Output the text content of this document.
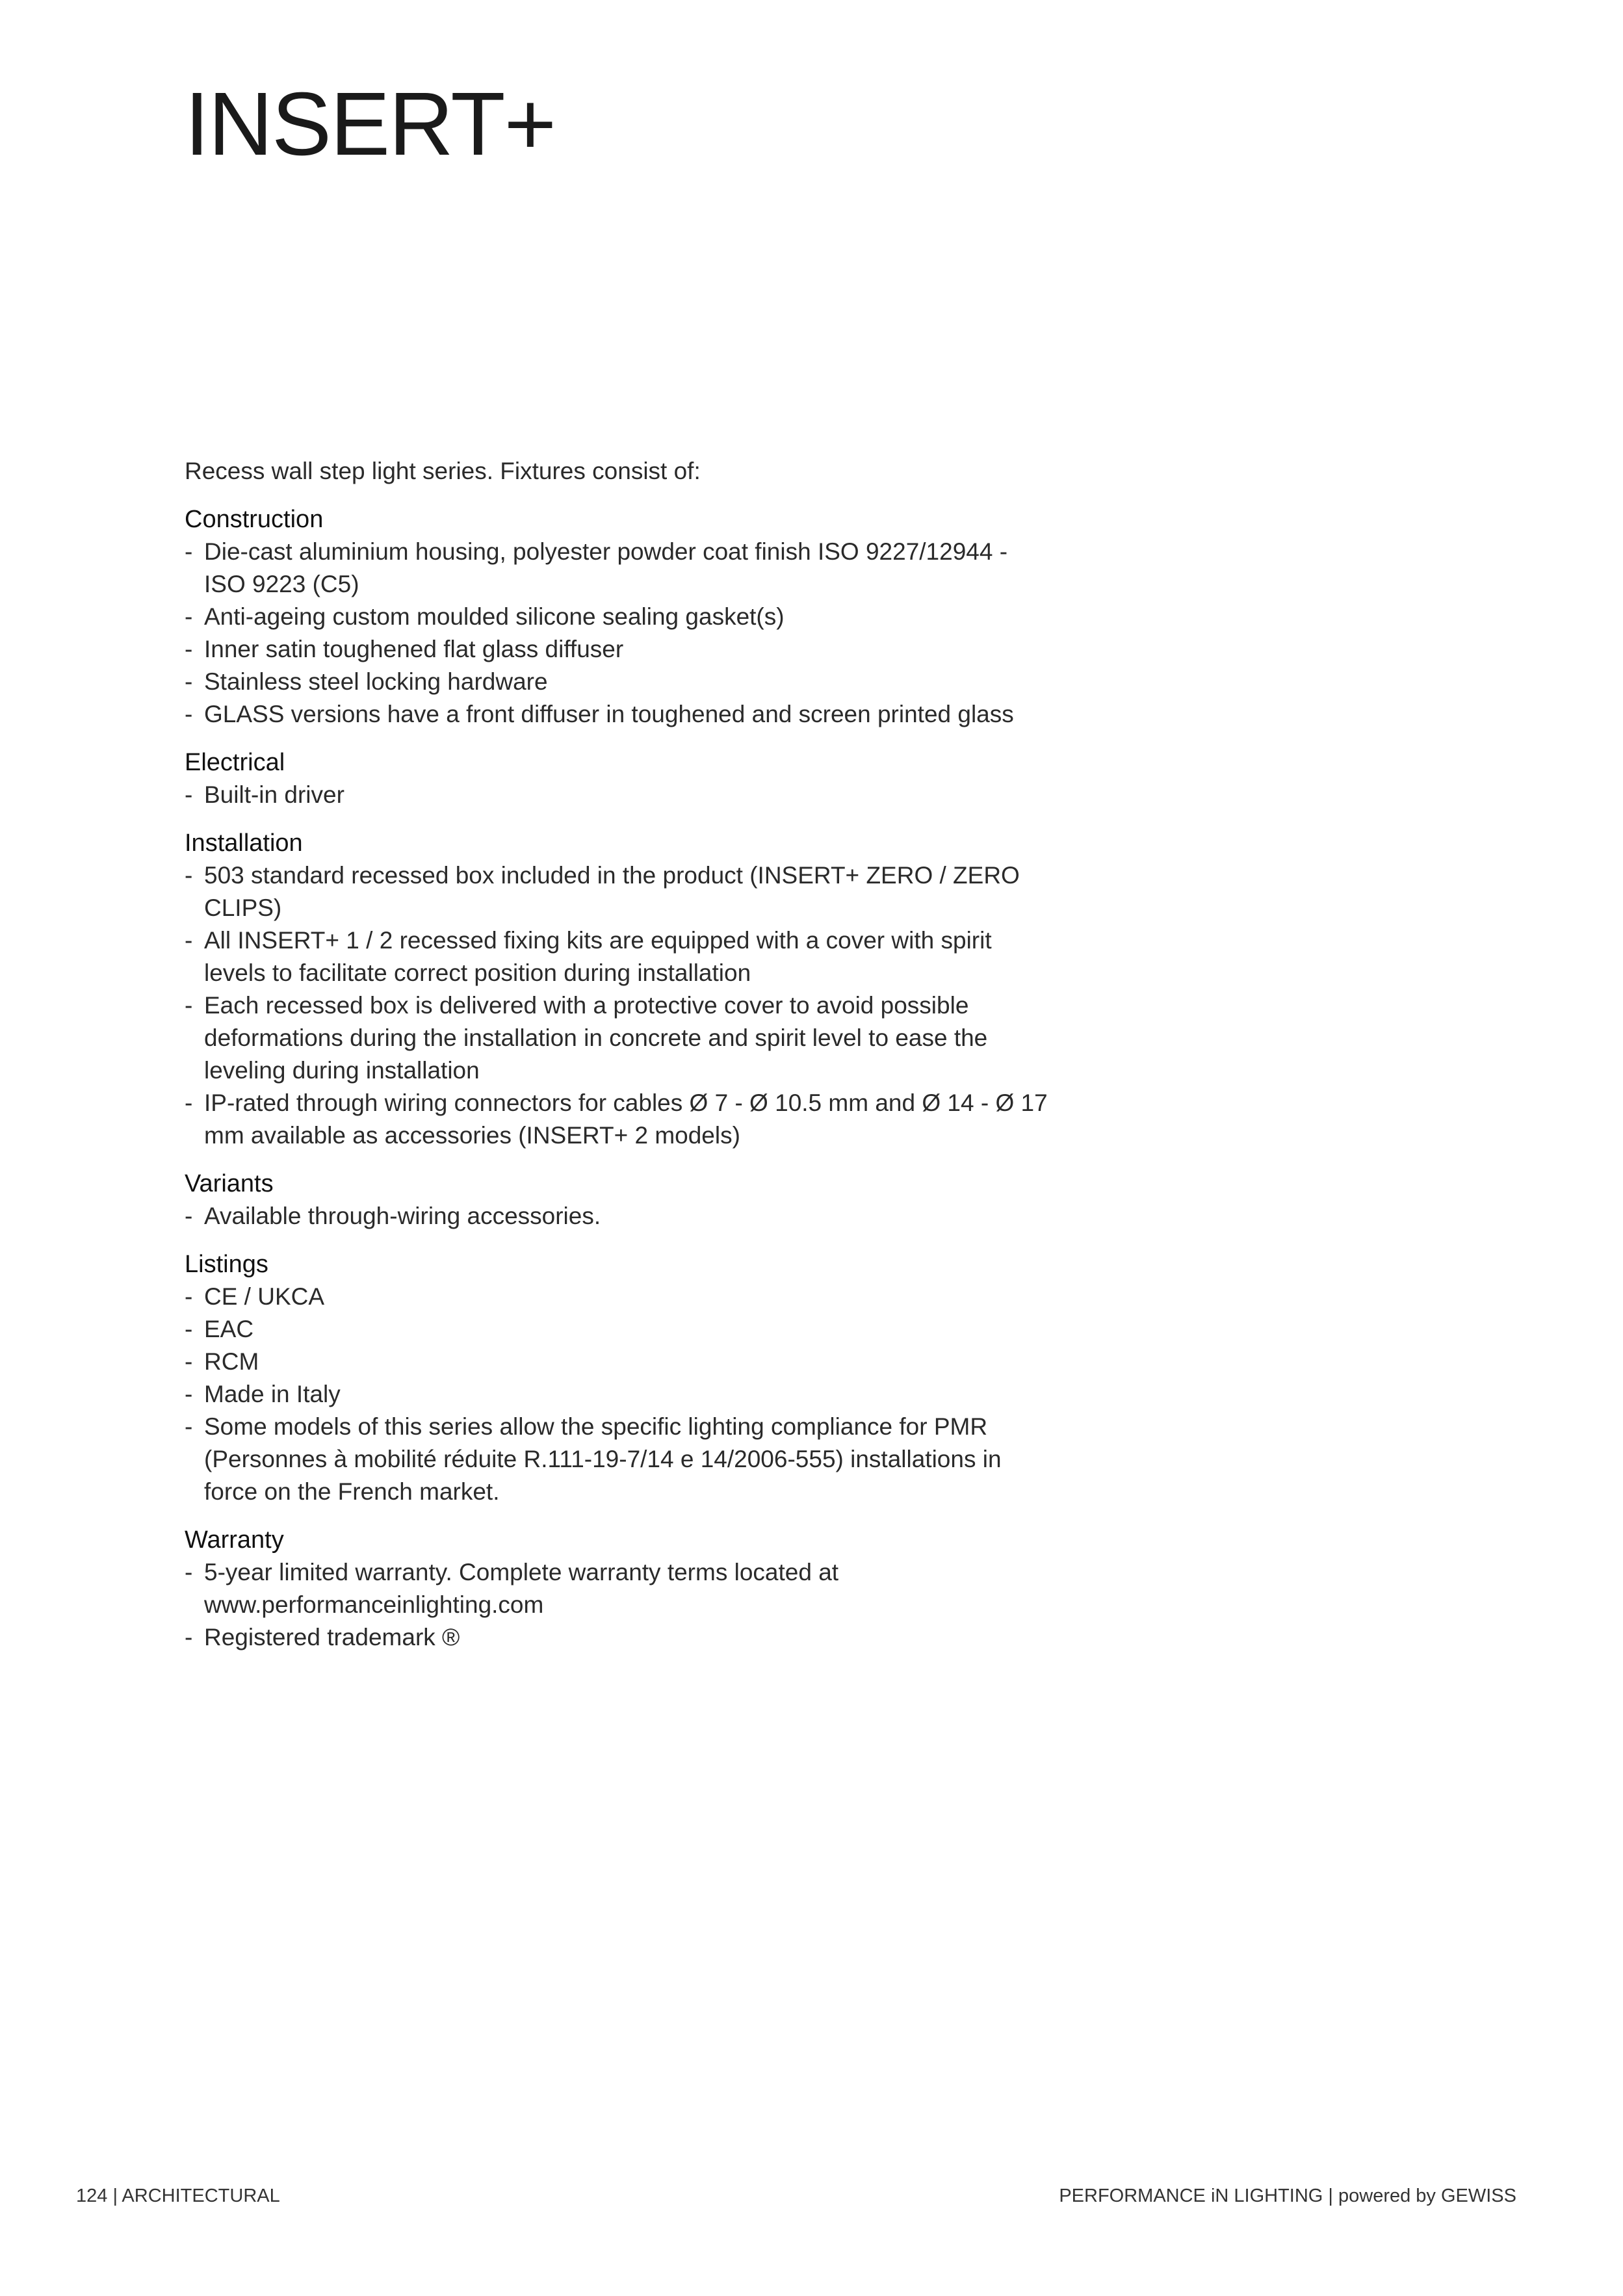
INSERT+

Recess wall step light series. Fixtures consist of:

Construction
- Die-cast aluminium housing, polyester powder coat finish ISO 9227/12944 - ISO 9223 (C5)
- Anti-ageing custom moulded silicone sealing gasket(s)
- Inner satin toughened flat glass diffuser
- Stainless steel locking hardware
- GLASS versions have a front diffuser in toughened and screen printed glass
Electrical
- Built-in driver
Installation
- 503 standard recessed box included in the product (INSERT+ ZERO / ZERO CLIPS)
- All INSERT+ 1 / 2 recessed fixing kits are equipped with a cover with spirit levels to facilitate correct position during installation
- Each recessed box is delivered with a protective cover to avoid possible deformations during the installation in concrete and spirit level to ease the leveling during installation
- IP-rated through wiring connectors for cables Ø 7 - Ø 10.5 mm and Ø 14 - Ø 17 mm available as accessories (INSERT+ 2 models)
Variants
- Available through-wiring accessories.
Listings
- CE / UKCA
- EAC
- RCM
- Made in Italy
- Some models of this series allow the specific lighting compliance for PMR (Personnes à mobilité réduite R.111-19-7/14 e 14/2006-555) installations in force on the French market.
Warranty
- 5-year limited warranty. Complete warranty terms located at www.performanceinlighting.com
- Registered trademark ®
124 | ARCHITECTURAL	PERFORMANCE iN LIGHTING | powered by GEWISS
